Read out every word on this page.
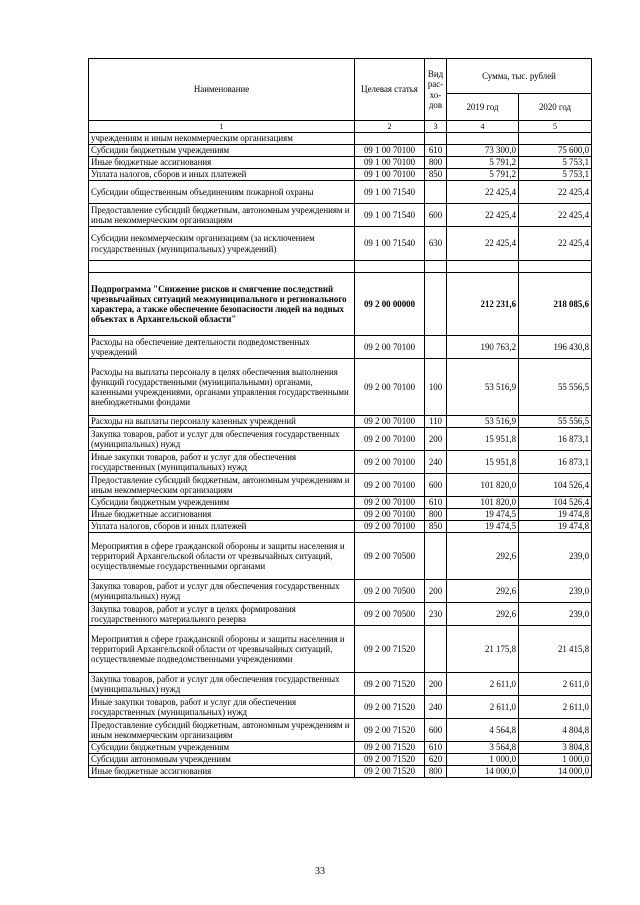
Наименование	Целевая статья	Вид рас-хо-дов	Сумма, тыс. рублей	
			2019 год	2020 год
1	2	3	4	5
учреждениям и иным некоммерческим организациям				
Субсидии бюджетным учреждениям	09 1 00 70100	610	73 300,0	75 600,0
Иные бюджетные ассигнования	09 1 00 70100	800	5 791,2	5 753,1
Уплата налогов, сборов и иных платежей	09 1 00 70100	850	5 791,2	5 753,1
Субсидии общественным объединениям пожарной охраны	09 1 00 71540		22 425,4	22 425,4
Предоставление субсидий бюджетным, автономным учреждениям и иным некоммерческим организациям	09 1 00 71540	600	22 425,4	22 425,4
Субсидии некоммерческим организациям (за исключением государственных (муниципальных) учреждений)	09 1 00 71540	630	22 425,4	22 425,4

Подпрограмма "Снижение рисков и смягчение последствий чрезвычайных ситуаций межмуниципального и регионального характера, а также обеспечение безопасности людей на водных объектах в Архангельской области"	09 2 00 00000		212 231,6	218 085,6
Расходы на обеспечение деятельности подведомственных учреждений	09 2 00 70100		190 763,2	196 430,8
Расходы на выплаты персоналу в целях обеспечения выполнения функций государственными (муниципальными) органами, казенными учреждениями, органами управления государственными внебюджетными фондами	09 2 00 70100	100	53 516,9	55 556,5
Расходы на выплаты персоналу казенных учреждений	09 2 00 70100	110	53 516,9	55 556,5
Закупка товаров, работ и услуг для обеспечения государственных (муниципальных) нужд	09 2 00 70100	200	15 951,8	16 873,1
Иные закупки товаров, работ и услуг для обеспечения государственных (муниципальных) нужд	09 2 00 70100	240	15 951,8	16 873,1
Предоставление субсидий бюджетным, автономным учреждениям и иным некоммерческим организациям	09 2 00 70100	600	101 820,0	104 526,4
Субсидии бюджетным учреждениям	09 2 00 70100	610	101 820,0	104 526,4
Иные бюджетные ассигнования	09 2 00 70100	800	19 474,5	19 474,8
Уплата налогов, сборов и иных платежей	09 2 00 70100	850	19 474,5	19 474,8
Мероприятия в сфере гражданской обороны и защиты населения и территорий Архангельской области от чрезвычайных ситуаций, осуществляемые государственными органами	09 2 00 70500		292,6	239,0
Закупка товаров, работ и услуг для обеспечения государственных (муниципальных) нужд	09 2 00 70500	200	292,6	239,0
Закупка товаров, работ и услуг в целях формирования государственного материального резерва	09 2 00 70500	230	292,6	239,0
Мероприятия в сфере гражданской обороны и защиты населения и территорий Архангельской области от чрезвычайных ситуаций, осуществляемые подведомственными учреждениями	09 2 00 71520		21 175,8	21 415,8
Закупка товаров, работ и услуг для обеспечения государственных (муниципальных) нужд	09 2 00 71520	200	2 611,0	2 611,0
Иные закупки товаров, работ и услуг для обеспечения государственных (муниципальных) нужд	09 2 00 71520	240	2 611,0	2 611,0
Предоставление субсидий бюджетным, автономным учреждениям и иным некоммерческим организациям	09 2 00 71520	600	4 564,8	4 804,8
Субсидии бюджетным учреждениям	09 2 00 71520	610	3 564,8	3 804,8
Субсидии автономным учреждениям	09 2 00 71520	620	1 000,0	1 000,0
Иные бюджетные ассигнования	09 2 00 71520	800	14 000,0	14 000,0
33
